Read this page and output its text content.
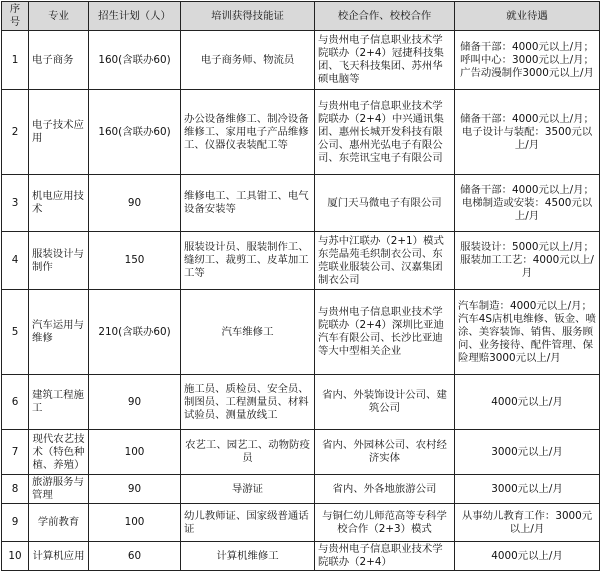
序号	专业	招生计划（人）	培训获得技能证	校企合作、校校合作	就业待遇
1	电子商务	160(含联办60)	电子商务师、物流员	与贵州电子信息职业技术学院联办（2+4）冠捷科技集团、飞天科技集团、苏州华硕电脑等	储备干部：4000元以上/月；呼叫中心：3000元以上/月；广告动漫制作3000元以上/月
2	电子技术应用	160(含联办60)	办公设备维修工、制冷设备维修工、家用电子产品维修工、仪器仪表装配工等	与贵州电子信息职业技术学院联办（2+4）中兴通讯集团、惠州长城开发科技有限公司、惠州光弘电子有限公司、东莞讯宝电子有限公司	储备干部：4000元以上/月；电子设计与装配：3500元以上/月
3	机电应用技术	90	维修电工、工具钳工、电气设备安装等	厦门天马微电子有限公司	储备干部：4000元以上/月；电梯制造或安装：4500元以上/月
4	服装设计与制作	150	服装设计员、服装制作工、缝纫工、裁剪工、皮革加工工等	与苏中江联办（2+1）模式东莞晶苑毛织制衣公司、东莞联业服装公司、汉嘉集团制衣公司	服装设计：5000元以上/月；服装加工工艺：4000元以上/月
5	汽车运用与维修	210(含联办60)	汽车维修工	与贵州电子信息职业技术学院联办（2+4）深圳比亚迪汽车有限公司、长沙比亚迪等大中型相关企业	汽车制造：4000元以上/月；汽车4S店机电维修、钣金、喷涂、美容装饰、销售、服务顾问、业务接待、配件管理、保险理赔3000元以上/月
6	建筑工程施工	90	施工员、质检员、安全员、制图员、工程测量员、材料试验员、测量放线工	省内、外装饰设计公司、建筑公司	4000元以上/月
7	现代农艺技术（特色种植、养殖）	100	农艺工、园艺工、动物防疫员	省内、外园林公司、农村经济实体	3000元以上/月
8	旅游服务与管理	90	导游证	省内、外各地旅游公司	3000元以上/月
9	学前教育	100	幼儿教师证、国家级普通话证	与铜仁幼儿师范高等专科学校合作（2+3）模式	从事幼儿教育工作：3000元以上/月
10	计算机应用	60	计算机维修工	与贵州电子信息职业技术学院联办（2+4）	4000元以上/月
